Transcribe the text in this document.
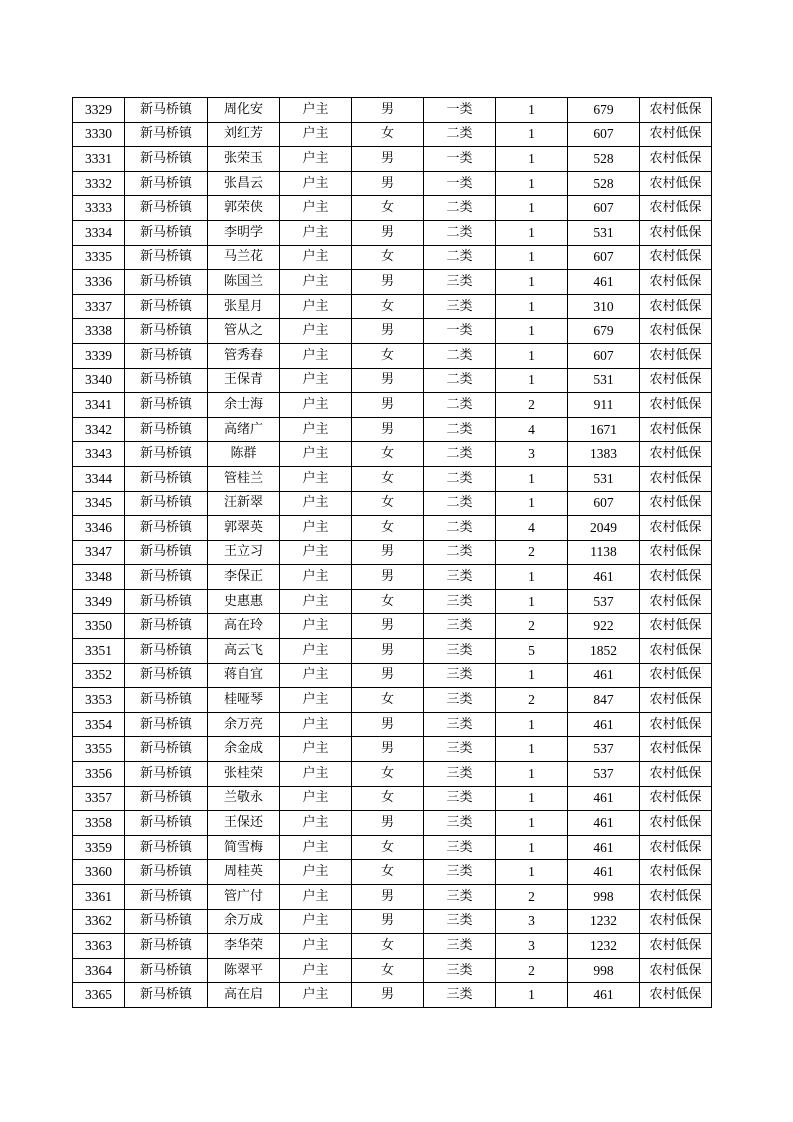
3329	新马桥镇	周化安	户主	男	一类	1	679	农村低保
3330	新马桥镇	刘红芳	户主	女	二类	1	607	农村低保
3331	新马桥镇	张荣玉	户主	男	一类	1	528	农村低保
3332	新马桥镇	张昌云	户主	男	一类	1	528	农村低保
3333	新马桥镇	郭荣侠	户主	女	二类	1	607	农村低保
3334	新马桥镇	李明学	户主	男	二类	1	531	农村低保
3335	新马桥镇	马兰花	户主	女	二类	1	607	农村低保
3336	新马桥镇	陈国兰	户主	男	三类	1	461	农村低保
3337	新马桥镇	张星月	户主	女	三类	1	310	农村低保
3338	新马桥镇	管从之	户主	男	一类	1	679	农村低保
3339	新马桥镇	管秀春	户主	女	二类	1	607	农村低保
3340	新马桥镇	王保青	户主	男	二类	1	531	农村低保
3341	新马桥镇	余士海	户主	男	二类	2	911	农村低保
3342	新马桥镇	高绪广	户主	男	二类	4	1671	农村低保
3343	新马桥镇	陈群	户主	女	二类	3	1383	农村低保
3344	新马桥镇	管桂兰	户主	女	二类	1	531	农村低保
3345	新马桥镇	汪新翠	户主	女	二类	1	607	农村低保
3346	新马桥镇	郭翠英	户主	女	二类	4	2049	农村低保
3347	新马桥镇	王立习	户主	男	二类	2	1138	农村低保
3348	新马桥镇	李保正	户主	男	三类	1	461	农村低保
3349	新马桥镇	史惠惠	户主	女	三类	1	537	农村低保
3350	新马桥镇	高在玲	户主	男	三类	2	922	农村低保
3351	新马桥镇	高云飞	户主	男	三类	5	1852	农村低保
3352	新马桥镇	蒋自宜	户主	男	三类	1	461	农村低保
3353	新马桥镇	桂哑琴	户主	女	三类	2	847	农村低保
3354	新马桥镇	余万亮	户主	男	三类	1	461	农村低保
3355	新马桥镇	余金成	户主	男	三类	1	537	农村低保
3356	新马桥镇	张桂荣	户主	女	三类	1	537	农村低保
3357	新马桥镇	兰敬永	户主	女	三类	1	461	农村低保
3358	新马桥镇	王保还	户主	男	三类	1	461	农村低保
3359	新马桥镇	简雪梅	户主	女	三类	1	461	农村低保
3360	新马桥镇	周桂英	户主	女	三类	1	461	农村低保
3361	新马桥镇	管广付	户主	男	三类	2	998	农村低保
3362	新马桥镇	余万成	户主	男	三类	3	1232	农村低保
3363	新马桥镇	李华荣	户主	女	三类	3	1232	农村低保
3364	新马桥镇	陈翠平	户主	女	三类	2	998	农村低保
3365	新马桥镇	高在启	户主	男	三类	1	461	农村低保
